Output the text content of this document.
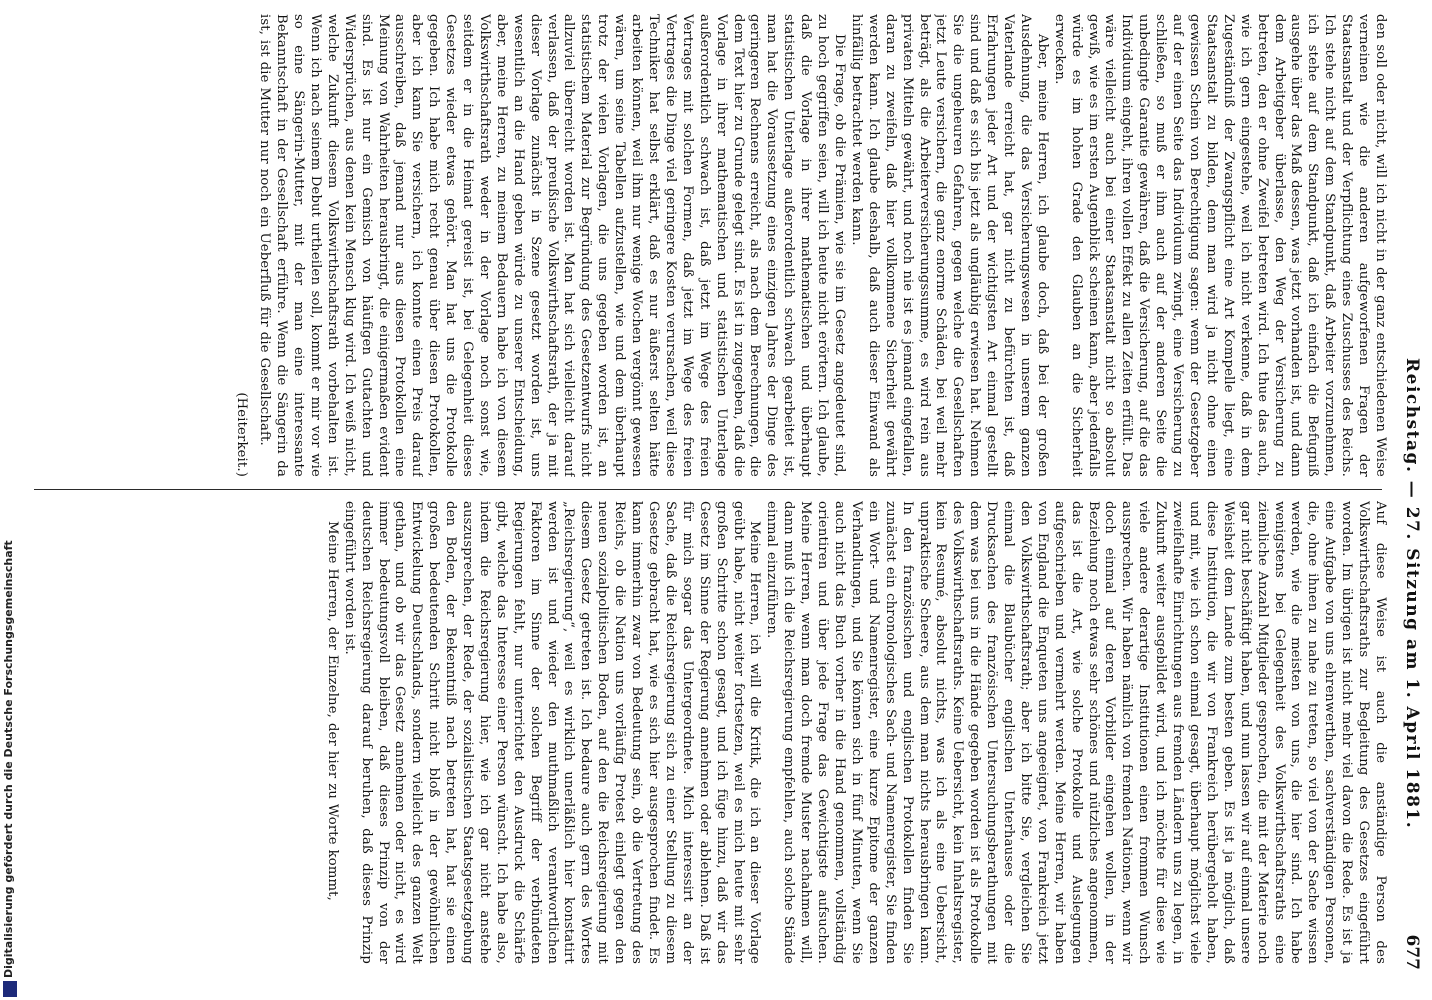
Reichstag. — 27. Sitzung am 1. April 1881.
677

den soll oder nicht, will ich nicht in der ganz entschiedenen Weise verneinen wie die anderen aufgeworfenen Fragen der Staatsanstalt und der Verpflichtung eines Zuschusses des Reichs. Ich stehe nicht auf dem Standpunkt, daß Arbeiter vorzunehmen, ich stehe auf dem Standpunkt, daß ich einfach die Befugniß ausgehe über das Maß dessen, was jetzt vorhanden ist, und dann dem Arbeitgeber überlasse, den Weg der Versicherung zu betreten, den er ohne Zweifel betreten wird. Ich thue das auch, wie ich gern eingestehe, weil ich nicht verkenne, daß in dem Zugeständniß der Zwangspflicht eine Art Kompelle liegt, eine Staatsanstalt zu bilden, denn man wird ja nicht ohne einen gewissen Schein von Berechtigung sagen: wenn der Gesetzgeber auf der einen Seite das Individuum zwingt, eine Versicherung zu schließen, so muß er ihm auch auf der anderen Seite die unbedingte Garantie gewähren, daß die Versicherung, auf die das Individuum eingeht, ihren vollen Effekt zu allen Zeiten erfüllt. Das wäre vielleicht auch bei einer Staatsanstalt nicht so absolut gewiß, wie es im ersten Augenblick scheinen kann, aber jedenfalls würde es im hohen Grade den Glauben an die Sicherheit erwecken.

Aber, meine Herren, ich glaube doch, daß bei der großen Ausdehnung, die das Versicherungswesen in unserem ganzen Vaterlande erreicht hat, gar nicht zu befürchten ist, daß Erfahrungen jeder Art und der wichtigsten Art einmal gestellt sind und daß es sich bis jetzt als ungläubig erwiesen hat. Nehmen Sie die ungeheuren Gefahren, gegen welche die Gesellschaften jetzt Leute versichern, die ganz enorme Schäden, bei weil mehr beträgt, als die Arbeiterversicherungssumme, es wird rein aus privaten Mitteln gewährt, und noch nie ist es jemand eingefallen, daran zu zweifeln, daß hier vollkommene Sicherheit gewährt werden kann. Ich glaube deshalb, daß auch dieser Einwand als hinfällig betrachtet werden kann.

Die Frage, ob die Prämien, wie sie im Gesetz angedeutet sind, zu hoch gegriffen seien, will ich heute nicht erörtern. Ich glaube, daß die Vorlage in ihrer mathematischen und überhaupt statistischen Unterlage außerordentlich schwach gearbeitet ist, man hat die Voraussetzung eines einzigen Jahres der Dinge des geringeren Rechnens erreicht, als nach dem Berechnungen, die dem Text hier zu Grunde gelegt sind. Es ist in zugegeben, daß die Vorlage in ihrer mathematischen und statistischen Unterlage außerordentlich schwach ist, daß jetzt im Wege des freien Vertrages mit solchen Formen, daß jetzt im Wege des freien Vertrages die Dinge viel geringere Kosten verursachen, weil diese Techniker hat selbst erklärt, daß es nur äußerst selten hätte arbeiten können, weil ihm nur wenige Wochen vergönnt gewesen wären, um seine Tabellen aufzustellen, wie und dem überhaupt trotz der vielen Vorlagen, die uns gegeben worden ist, an statistischem Material zur Begründung des Gesetzentwurfs nicht allzuviel überreicht worden ist. Man hat sich vielleicht darauf verlassen, daß der preußische Volkswirthschaftsrath, der ja mit dieser Vorlage zunächst in Szene gesetzt worden ist, uns wesentlich an die Hand geben würde zu unserer Entscheidung, aber, meine Herren, zu meinem Bedauern habe ich von diesem Volkswirthschaftsrath weder in der Vorlage noch sonst wie, seitdem er in die Heimat gereist ist, bei Gelegenheit dieses Gesetzes wieder etwas gehört. Man hat uns die Protokolle gegeben. Ich habe mich recht genau über diesen Protokollen, aber ich kann Sie versichern, ich konnte einen Preis darauf ausschreiben, daß jemand nur aus diesen Protokollen eine Meinung von Wahrheiten herausbringt, die einigermaßen evident sind. Es ist nur ein Gemisch von häufigen Gutachten und Widersprüchen, aus denen kein Mensch klug wird. Ich weiß nicht, welche Zukunft diesem Volkswirthschaftsrath vorbehalten ist. Wenn ich nach seinem Debut urtheilen soll, kommt er mir vor wie so eine Sängerin-Mutter, mit der man eine interessante Bekanntschaft in der Gesellschaft erführe. Wenn die Sängerin da ist, ist die Mutter nur noch ein Ueberfluß für die Gesellschaft.

(Heiterkeit.)

Auf diese Weise ist auch die anständige Person des Volkswirthschaftsraths zur Begleitung des Gesetzes eingeführt worden. Im übrigen ist nicht mehr viel davon die Rede. Es ist ja eine Aufgabe von uns ehrenwerthen, sachverständigen Personen, die, ohne ihnen zu nahe zu treten, so viel von der Sache wissen werden, wie die meisten von uns, die hier sind. Ich habe wenigstens bei Gelegenheit des Volkswirthschaftsraths eine ziemliche Anzahl Mitglieder gesprochen, die mit der Materie noch gar nicht beschäftigt haben, und nun lassen wir auf einmal unsere Weisheit dem Lande zum besten geben. Es ist ja möglich, daß diese Institution, die wir von Frankreich herübergeholt haben, und mit, wie ich schon einmal gesagt, überhaupt möglichst viele zweifelhafte Einrichtungen aus fremden Ländern uns zu legen, in Zukunft weiter ausgebildet wird, und ich möchte für diese wie viele andere derartige Institutionen einen frommen Wunsch aussprechen. Wir haben nämlich von fremden Nationen, wenn wir doch einmal auf deren Vorbilder eingehen wollen, in der Beziehung noch etwas sehr schönes und nützliches angenommen, das ist die Art, wie solche Protokolle und Auslegungen aufgeschrieben und vermehrt werden. Meine Herren, wir haben von England die Enqueten uns angeeignet, von Frankreich jetzt den Volkswirthschaftsrath; aber ich bitte Sie, vergleichen Sie einmal die Blaubücher englischen Unterhauses oder die Drucksachen des französischen Untersuchungsberathungen mit dem was bei uns in die Hände gegeben worden ist als Protokolle des Volkswirthschaftsraths. Keine Uebersicht, kein Inhaltsregister, kein Resumé, absolut nichts, was ich als eine Uebersicht, unpraktische Scheere, aus dem man nichts herausbringen kann. In den französischen und englischen Protokollen finden Sie zunächst ein chronologisches Sach- und Namenregister, Sie finden ein Wort- und Namenregister, eine kurze Epitome der ganzen Verhandlungen, und Sie können sich in fünf Minuten, wenn Sie auch nicht das Buch vorher in die Hand genommen, vollständig orientiren und über jede Frage das Gewichtigste aufsuchen. Meine Herren, wenn man doch fremde Muster nachahmen will, dann muß ich die Reichsregierung empfehlen, auch solche Stände einmal einzuführen.

Meine Herren, ich will die Kritik, die ich an dieser Vorlage geübt habe, nicht weiter fortsetzen, weil es mich heute mit sehr großen Schritte schon gesagt, und ich füge hinzu, daß wir das Gesetz im Sinne der Regierung annehmen oder ablehnen. Daß ist für mich sogar das Untergeordnete. Mich interessirt an der Sache, daß die Reichsregierung sich zu einer Stellung zu diesem Gesetze gebracht hat, wie es sich hier ausgesprochen findet. Es kann immerhin zwar von Bedeutung sein, ob die Vertretung des Reichs, ob die Nation uns vorläufig Protest einlegt gegen den neuen sozialpolitischen Boden, auf den die Reichsregierung mit diesem Gesetz getreten ist. Ich bedaure auch gern des Wortes „Reichsregierung“, weil es wirklich unerläßlich hier konstatirt werden ist und wieder den muthmaßlich verantwortlichen Faktoren im Sinne der solchen Begriff der verbündeten Regierungen fehlt, nur unterrichtet den Ausdruck die Schärfe gibt, welche das Interesse einer Person wünscht. Ich habe also, indem die Reichsregierung hier, wie ich gar nicht anstehe auszusprechen, der Rede, der sozialistischen Staatsgesetzgebung den Boden, der Bekenntniß nach betreten hat, hat sie einen großen bedeutenden Schritt nicht bloß in der gewöhnlichen Entwickelung Deutschlands, sondern vielleicht des ganzen Welt gethan, und ob wir das Gesetz annehmen oder nicht, es wird immer bedeutungsvoll bleiben, daß dieses Prinzip von der deutschen Reichsregierung darauf beruhen, daß dieses Prinzip eingeführt worden ist.

Meine Herren, der Einzelne, der hier zu Worte kommt,

Digitalisierung gefördert durch die Deutsche Forschungsgemeinschaft
